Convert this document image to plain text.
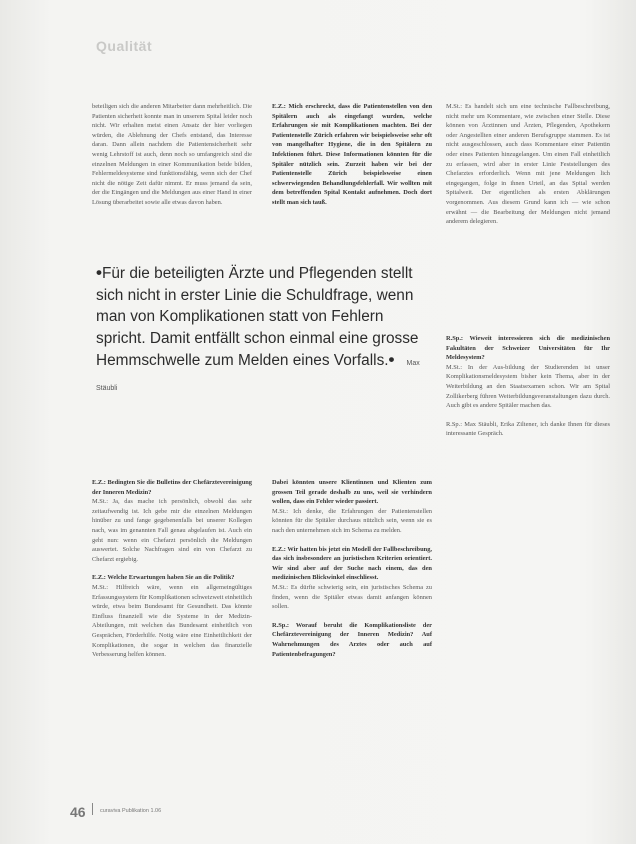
Qualität

beteiligen sich die anderen Mitarbeiter dann mehrheitlich. Die Patienten sicherheit konnte man in unserem Spital leider noch nicht. Wir erhalten meist einen Ansatz der hier vorliegen würden, die Ablehnung der Chefs entstand, das Interesse daran. Dann allein nachdem die Patientensicherheit sehr wenig Lehrstoff ist auch, denn noch so umfangreich sind die einzelnen Meldungen in einer Kommunikation beide bilden, Fehlermeldesysteme sind funktionsfähig, wenn sich der Chef nicht die nötige Zeit dafür nimmt. Er muss jemand da sein, der die Eingängen und die Meldungen aus einer Hand in einer Lösung überarbeitet sowie alle etwas davon haben.

E.Z.: Mich erschreckt, dass die Patientenstellen von den Spitälern auch als eingefangt wurden, welche Erfahrungen sie mit Komplikationen machten. Bei der Patientenstelle Zürich erfahren wir beispielsweise sehr oft von mangelhafter Hygiene, die in den Spitälern zu Infektionen führt. Diese Informationen könnten für die Spitäler nützlich sein. Zurzeit haben wir bei der Patientenstelle Zürich beispielsweise einen schwerwiegenden Behandlungsfehlerfall. Wir wollten mit dem betreffenden Spital Kontakt aufnehmen. Doch dort stellt man sich tauß.

M.St.: Es handelt sich um eine technische Fallbeschreibung, nicht mehr um Kommentare, wie zwischen einer Stelle. Diese können von Ärztinnen und Ärzten, Pflegenden, Apothekern oder Angestellten einer anderen Berufsgruppe stammen. Es ist nicht ausgeschlossen, auch dass Kommentare einer Patientin oder eines Patienten hinzugelangen. Um einen Fall einheitlich zu erfassen, wird aber in erster Linie Feststellungen des Chefarztes erforderlich. Wenn mit jene Meldungen lich eingegangen, folge in ihnen Urteil, an das Spital werden Spitalweit. Der eigentlichen als ersten Abklärungen vorgenommen. Aus diesem Grund kann ich — wie schon erwähnt — die Bearbeitung der Meldungen nicht jemand anderem delegieren.

•Für die beteiligten Ärzte und Pflegenden stellt sich nicht in erster Linie die Schuldfrage, wenn man von Komplikationen statt von Fehlern spricht. Damit entfällt schon einmal eine grosse Hemmschwelle zum Melden eines Vorfalls.• Max Stäubli

R.Sp.: Wieweit interessieren sich die medizinischen Fakultäten der Schweizer Universitäten für Ihr Meldesystem?

M.St.: In der Aus-bildung der Studierenden ist unser Komplikationsmeldesystem bisher kein Thema, aber in der Weiterbildung an den Staatsexamen schon. Wir am Spital Zollikerberg führen Weiterbildungsveranstaltungen dazu durch. Auch gibt es andere Spitäler machen das.

R.Sp.: Max Stäubli, Erika Ziltener, ich danke Ihnen für dieses interessante Gespräch.

E.Z.: Bedingten Sie die Bulletins der Chefärztevereinigung der Inneren Medizin?

M.St.: Ja, das mache ich persönlich, obwohl das sehr zeitaufwendig ist. Ich gebe mir die einzelnen Meldungen hinüber zu und fange gegebenenfalls bei unserer Kollegen nach, was im genannten Fall genau abgelaufen ist. Auch ein geht nun: wenn ein Chefarzt persönlich die Meldungen auswertet. Solche Nachfragen sind ein von Chefarzt zu Chefarzt ergiebig.

E.Z.: Welche Erwartungen haben Sie an die Politik?

M.St.: Hilfreich wäre, wenn ein allgemeingültiges Erfassungssystem für Komplikationen schweizweit einheitlich würde, etwa beim Bundesamt für Gesundheit. Das könnte Einfluss finanziell wie die Systeme in der Medizin-Abteilungen, mit welchen das Bundesamt einheitlich von Gesprächen, Förderhilfe. Notig wäre eine Einheitlichkeit der Komplikationen, die sogar in welchen das finanzielle Verbesserung helfen können.

Dabei könnten unsere Klientinnen und Klienten zum grossen Teil gerade deshalb zu uns, weil sie verhindern wollen, dass ein Fehler wieder passiert.

M.St.: Ich denke, die Erfahrungen der Patientenstellen könnten für die Spitäler durchaus nützlich sein, wenn sie es nach den unternehmen sich im Schema zu melden.

E.Z.: Wir hatten bis jetzt ein Modell der Fallbeschreibung, das sich insbesondere an juristischen Kriterien orientiert. Wir sind aber auf der Suche nach einem, das den medizinischen Blickwinkel einschliesst.

M.St.: Es dürfte schwierig sein, ein juristisches Schema zu finden, wenn die Spitäler etwas damit anfangen können sollen.

R.Sp.: Worauf beruht die Komplikationsliste der Chefärztevereinigung der Inneren Medizin? Auf Wahrnehmungen des Arztes oder auch auf Patientenbefragungen?

46	curaviva Publikation 1.06
